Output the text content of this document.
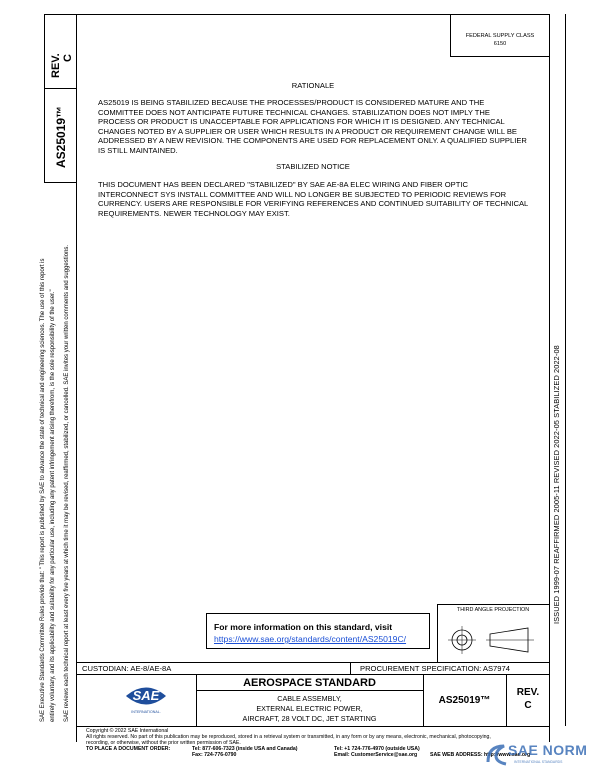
REV. C
AS25019™
SAE Executive Standards Committee Rules provide that: " This report is published by SAE to advance the state of technical and engineering sciences. The use of this report is entirely voluntary, and its applicability and suitability for any particular use, including any patent infringement arising therefrom, is the sole responsibility of the user." SAE reviews each technical report at least every five years at which time it may be revised, reaffirmed, stabilized, or cancelled. SAE invites your written comments and suggestions.	ISSUED 1999-07 REAFFIRMED 2005-11 REVISED 2022-05 STABILIZED 2022-08
FEDERAL SUPPLY CLASS
6150
RATIONALE
AS25019 IS BEING STABILIZED BECAUSE THE PROCESSES/PRODUCT IS CONSIDERED MATURE AND THE COMMITTEE DOES NOT ANTICIPATE FUTURE TECHNICAL CHANGES. STABILIZATION DOES NOT IMPLY THE PROCESS OR PRODUCT IS UNACCEPTABLE FOR APPLICATIONS FOR WHICH IT IS DESIGNED. ANY TECHNICAL CHANGES NOTED BY A SUPPLIER OR USER WHICH RESULTS IN A PRODUCT OR REQUIREMENT CHANGE WILL BE ADDRESSED BY A NEW REVISION. THE COMPONENTS ARE USED FOR REPLACEMENT ONLY. A QUALIFIED SUPPLIER IS STILL MAINTAINED.
STABILIZED NOTICE
THIS DOCUMENT HAS BEEN DECLARED "STABILIZED" BY SAE AE-8A ELEC WIRING AND FIBER OPTIC INTERCONNECT SYS INSTALL COMMITTEE AND WILL NO LONGER BE SUBJECTED TO PERIODIC REVIEWS FOR CURRENCY. USERS ARE RESPONSIBLE FOR VERIFYING REFERENCES AND CONTINUED SUITABILITY OF TECHNICAL REQUIREMENTS. NEWER TECHNOLOGY MAY EXIST.
For more information on this standard, visit
https://www.sae.org/standards/content/AS25019C/
THIRD ANGLE PROJECTION
CUSTODIAN: AE-8/AE-8A	PROCUREMENT SPECIFICATION: AS7974
SAE
INTERNATIONAL.
AEROSPACE STANDARD
CABLE ASSEMBLY,
EXTERNAL ELECTRIC POWER,
AIRCRAFT, 28 VOLT DC, JET STARTING
AS25019™
REV.
C
Copyright © 2022 SAE International
All rights reserved. No part of this publication may be reproduced, stored in a retrieval system or transmitted, in any form or by any means, electronic, mechanical, photocopying,
recording, or otherwise, without the prior written permission of SAE.
TO PLACE A DOCUMENT ORDER:	Tel: 877-606-7323 (inside USA and Canada)	Tel: +1 724-776-4970 (outside USA)
Fax: 724-776-0790	Email: CustomerService@sae.org SAE WEB ADDRESS: http://www.sae.org
SAE NORM
INTERNATIONAL STANDARDS
